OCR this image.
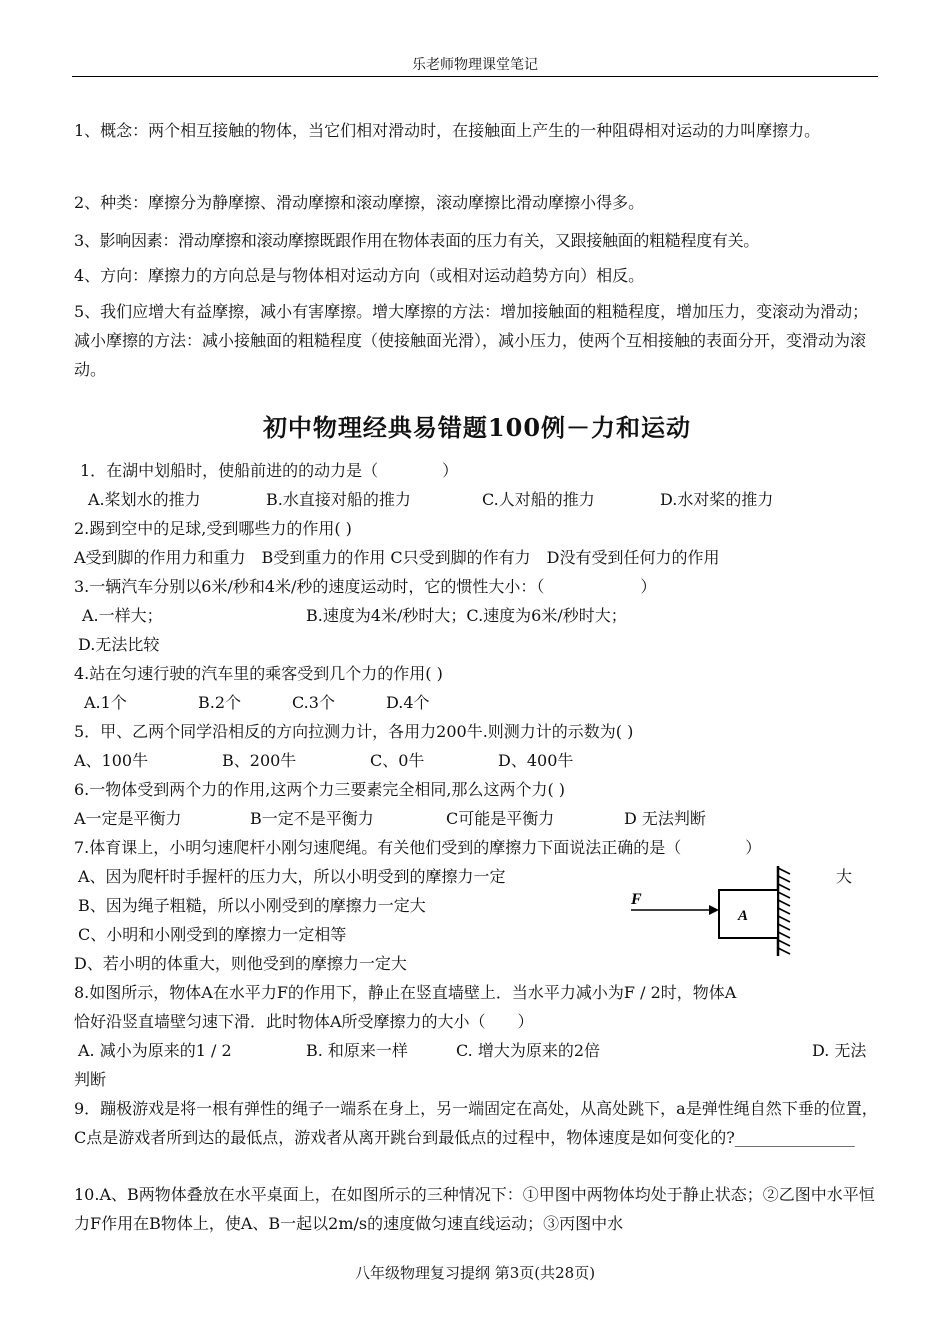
乐老师物理课堂笔记
1、概念：两个相互接触的物体，当它们相对滑动时，在接触面上产生的一种阻碍相对运动的力叫摩擦力。
2、种类：摩擦分为静摩擦、滑动摩擦和滚动摩擦，滚动摩擦比滑动摩擦小得多。
3、影响因素：滑动摩擦和滚动摩擦既跟作用在物体表面的压力有关，又跟接触面的粗糙程度有关。
4、方向：摩擦力的方向总是与物体相对运动方向（或相对运动趋势方向）相反。
5、我们应增大有益摩擦，减小有害摩擦。增大摩擦的方法：增加接触面的粗糙程度，增加压力，变滚动为滑动；减小摩擦的方法：减小接触面的粗糙程度（使接触面光滑），减小压力，使两个互相接触的表面分开，变滑动为滚动。
初中物理经典易错题100例－力和运动
1．在湖中划船时，使船前进的的动力是（　　　　）
A.桨划水的推力	B.水直接对船的推力	C.人对船的推力	D.水对桨的推力
2.踢到空中的足球,受到哪些力的作用( )
A受到脚的作用力和重力　B受到重力的作用 C只受到脚的作有力　D没有受到任何力的作用
3.一辆汽车分别以6米/秒和4米/秒的速度运动时，它的惯性大小：（　　　　　　）
A.一样大；	B.速度为4米/秒时大；C.速度为6米/秒时大；
D.无法比较
4.站在匀速行驶的汽车里的乘客受到几个力的作用( )
A.1个	B.2个	C.3个	D.4个
5．甲、乙两个同学沿相反的方向拉测力计，各用力200牛.则测力计的示数为( )
A、100牛	B、200牛	C、0牛	D、400牛
6.一物体受到两个力的作用,这两个力三要素完全相同,那么这两个力( )
A一定是平衡力	B一定不是平衡力	C可能是平衡力	D 无法判断
7.体育课上，小明匀速爬杆小刚匀速爬绳。有关他们受到的摩擦力下面说法正确的是（　　　　）
A、因为爬杆时手握杆的压力大，所以小明受到的摩擦力一定	大
B、因为绳子粗糙，所以小刚受到的摩擦力一定大
C、小明和小刚受到的摩擦力一定相等
D、若小明的体重大，则他受到的摩擦力一定大
F
A
8.如图所示，物体A在水平力F的作用下，静止在竖直墙壁上．当水平力减小为F / 2时，物体A
恰好沿竖直墙壁匀速下滑．此时物体A所受摩擦力的大小（　　）
A. 减小为原来的1 / 2	B. 和原来一样	C. 增大为原来的2倍	D. 无法
判断
9．蹦极游戏是将一根有弹性的绳子一端系在身上，另一端固定在高处，从高处跳下，a是弹性绳自然下垂的位置，C点是游戏者所到达的最低点，游戏者从离开跳台到最低点的过程中，物体速度是如何变化的?_______________
10.A、B两物体叠放在水平桌面上，在如图所示的三种情况下：①甲图中两物体均处于静止状态；②乙图中水平恒力F作用在B物体上，使A、B一起以2m/s的速度做匀速直线运动；③丙图中水
八年级物理复习提纲 第3页(共28页)
